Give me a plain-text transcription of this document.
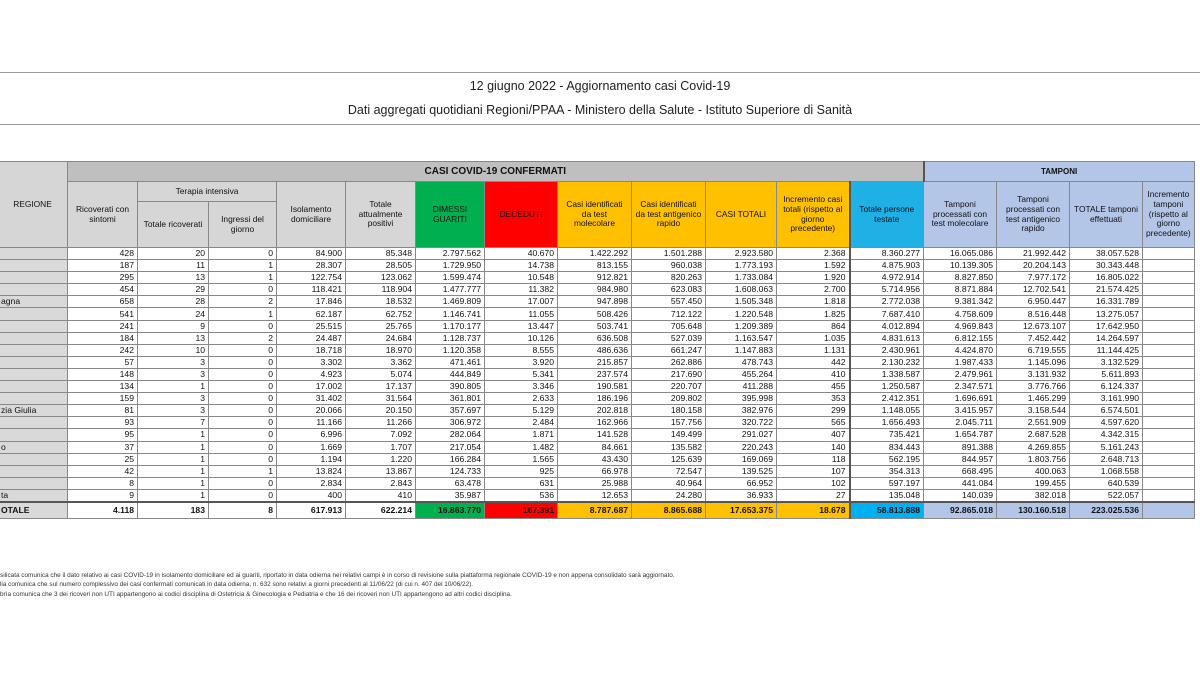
12 giugno 2022 - Aggiornamento casi Covid-19
Dati aggregati quotidiani Regioni/PPAA - Ministero della Salute - Istituto Superiore di Sanità
REGIONE	CASI COVID-19 CONFERMATI												TAMPONI			
	Ricoverati con sintomi	Terapia intensiva		Isolamento domiciliare	Totale attualmente positivi	DIMESSI GUARITI	DECEDUTI	Casi identificati da test molecolare	Casi identificati da test antigenico rapido	CASI TOTALI	Incremento casi totali (rispetto al giorno precedente)	Totale persone testate	Tamponi processati con test molecolare	Tamponi processati con test antigenico rapido	TOTALE tamponi effettuati	Incremento tamponi (rispetto al giorno precedente)
		Totale ricoverati	Ingressi del giorno													
	428	20	0	84.900	85.348	2.797.562	40.670	1.422.292	1.501.288	2.923.580	2.368	8.360.277	16.065.086	21.992.442	38.057.528	
	187	11	1	28.307	28.505	1.729.950	14.738	813.155	960.038	1.773.193	1.592	4.875.903	10.139.305	20.204.143	30.343.448	
	295	13	1	122.754	123.062	1.599.474	10.548	912.821	820.263	1.733.084	1.920	4.972.914	8.827.850	7.977.172	16.805.022	
	454	29	0	118.421	118.904	1.477.777	11.382	984.980	623.083	1.608.063	2.700	5.714.956	8.871.884	12.702.541	21.574.425	
agna	658	28	2	17.846	18.532	1.469.809	17.007	947.898	557.450	1.505.348	1.818	2.772.038	9.381.342	6.950.447	16.331.789	
	541	24	1	62.187	62.752	1.146.741	11.055	508.426	712.122	1.220.548	1.825	7.687.410	4.758.609	8.516.448	13.275.057	
	241	9	0	25.515	25.765	1.170.177	13.447	503.741	705.648	1.209.389	864	4.012.894	4.969.843	12.673.107	17.642.950	
	184	13	2	24.487	24.684	1.128.737	10.126	636.508	527.039	1.163.547	1.035	4.831.613	6.812.155	7.452.442	14.264.597	
	242	10	0	18.718	18.970	1.120.358	8.555	486.636	661.247	1.147.883	1.131	2.430.961	4.424.870	6.719.555	11.144.425	
	57	3	0	3.302	3.362	471.461	3.920	215.857	262.886	478.743	442	2.130.232	1.987.433	1.145.096	3.132.529	
	148	3	0	4.923	5.074	444.849	5.341	237.574	217.690	455.264	410	1.338.587	2.479.961	3.131.932	5.611.893	
	134	1	0	17.002	17.137	390.805	3.346	190.581	220.707	411.288	455	1.250.587	2.347.571	3.776.766	6.124.337	
	159	3	0	31.402	31.564	361.801	2.633	186.196	209.802	395.998	353	2.412.351	1.696.691	1.465.299	3.161.990	
zia Giulia	81	3	0	20.066	20.150	357.697	5.129	202.818	180.158	382.976	299	1.148.055	3.415.957	3.158.544	6.574.501	
	93	7	0	11.166	11.266	306.972	2.484	162.966	157.756	320.722	565	1.656.493	2.045.711	2.551.909	4.597.620	
	95	1	0	6.996	7.092	282.064	1.871	141.528	149.499	291.027	407	735.421	1.654.787	2.687.528	4.342.315	
o	37	1	0	1.669	1.707	217.054	1.482	84.661	135.582	220.243	140	834.443	891.388	4.269.855	5.161.243	
	25	1	0	1.194	1.220	166.284	1.565	43.430	125.639	169.069	118	562.195	844.957	1.803.756	2.648.713	
	42	1	1	13.824	13.867	124.733	925	66.978	72.547	139.525	107	354.313	668.495	400.063	1.068.558	
	8	1	0	2.834	2.843	63.478	631	25.988	40.964	66.952	102	597.197	441.084	199.455	640.539	
ta	9	1	0	400	410	35.987	536	12.653	24.280	36.933	27	135.048	140.039	382.018	522.057	
OTALE	4.118	183	8	617.913	622.214	16.863.770	167.391	8.787.687	8.865.688	17.653.375	18.678	58.813.888	92.865.018	130.160.518	223.025.536	
silicata comunica che il dato relativo ai casi COVID-19 in isolamento domiciliare ed ai guariti, riportato in data odierna nei relativi campi è in corso di revisione sulla piattaforma regionale COVID-19 e non appena consolidato sarà aggiornato.
lia comunica che sul numero complessivo dei casi confermati comunicati in data odierna, n. 632 sono relativi a giorni precedenti al 11/06/22 (di cui n. 407 del 10/06/22).
brìa comunica che 3 dei ricoveri non UTI appartengono ai codici disciplina di Ostetricia & Ginecologia e Pediatria e che 16 dei ricoveri non UTI appartengono ad altri codici disciplina.
